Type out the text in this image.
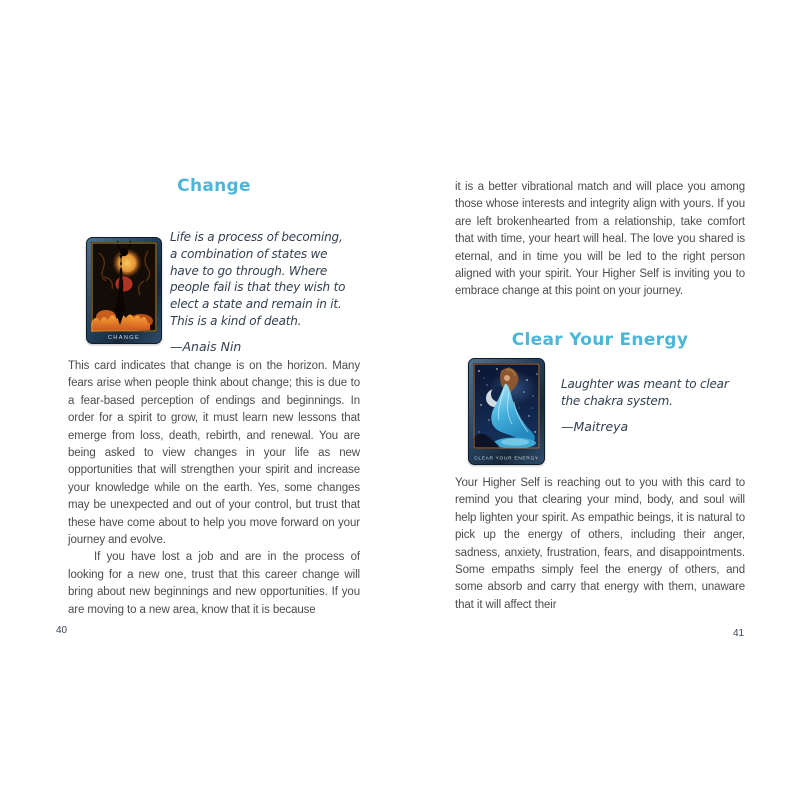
Change
CHANGE

Life is a process of becoming, a combination of states we have to go through. Where people fail is that they wish to elect a state and remain in it. This is a kind of death.

—Anais Nin

This card indicates that change is on the horizon. Many fears arise when people think about change; this is due to a fear-based perception of endings and beginnings. In order for a spirit to grow, it must learn new lessons that emerge from loss, death, rebirth, and renewal. You are being asked to view changes in your life as new opportunities that will strengthen your spirit and increase your knowledge while on the earth. Yes, some changes may be unexpected and out of your control, but trust that these have come about to help you move forward on your journey and evolve.

If you have lost a job and are in the process of looking for a new one, trust that this career change will bring about new beginnings and new opportunities. If you are moving to a new area, know that it is because

40

it is a better vibrational match and will place you among those whose interests and integrity align with yours. If you are left brokenhearted from a relationship, take comfort that with time, your heart will heal. The love you shared is eternal, and in time you will be led to the right person aligned with your spirit. Your Higher Self is inviting you to embrace change at this point on your journey.

Clear Your Energy
CLEAR YOUR ENERGY

Laughter was meant to clear the chakra system.

—Maitreya

Your Higher Self is reaching out to you with this card to remind you that clearing your mind, body, and soul will help lighten your spirit. As empathic beings, it is natural to pick up the energy of others, including their anger, sadness, anxiety, frustration, fears, and disappointments. Some empaths simply feel the energy of others, and some absorb and carry that energy with them, unaware that it will affect their

41
